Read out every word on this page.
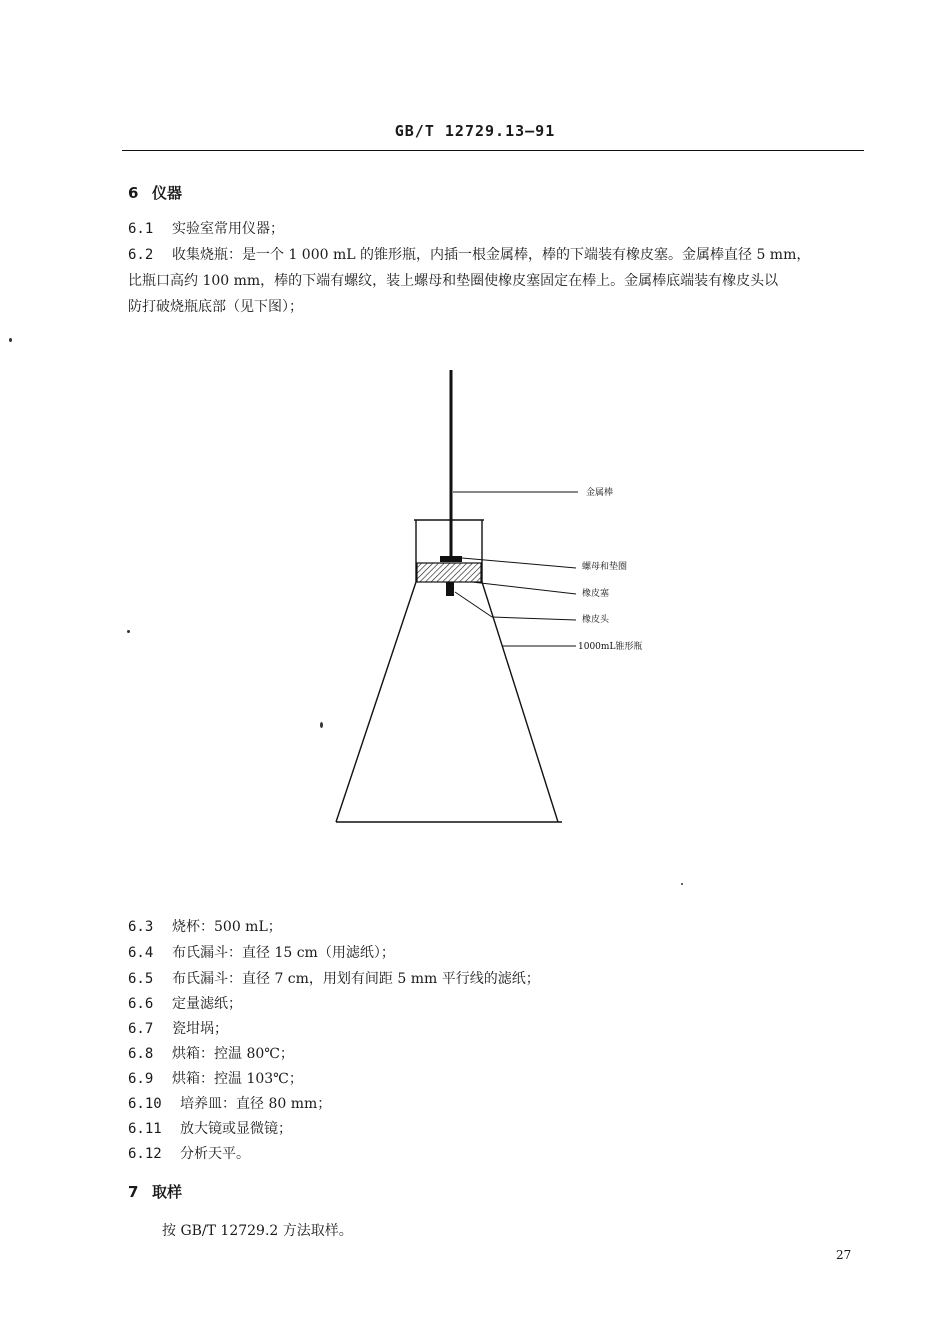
GB/T 12729.13—91
6 仪器
6.1 实验室常用仪器；
6.2 收集烧瓶：是一个 1 000 mL 的锥形瓶，内插一根金属棒，棒的下端装有橡皮塞。金属棒直径 5 mm，
比瓶口高约 100 mm，棒的下端有螺纹，装上螺母和垫圈使橡皮塞固定在棒上。金属棒底端装有橡皮头以
防打破烧瓶底部（见下图）；
金属棒
螺母和垫圈
橡皮塞
橡皮头
1000mL锥形瓶
6.3 烧杯：500 mL；
6.4 布氏漏斗：直径 15 cm（用滤纸）；
6.5 布氏漏斗：直径 7 cm，用划有间距 5 mm 平行线的滤纸；
6.6 定量滤纸；
6.7 瓷坩埚；
6.8 烘箱：控温 80℃；
6.9 烘箱：控温 103℃；
6.10 培养皿：直径 80 mm；
6.11 放大镜或显微镜；
6.12 分析天平。
7 取样
按 GB/T 12729.2 方法取样。
27
